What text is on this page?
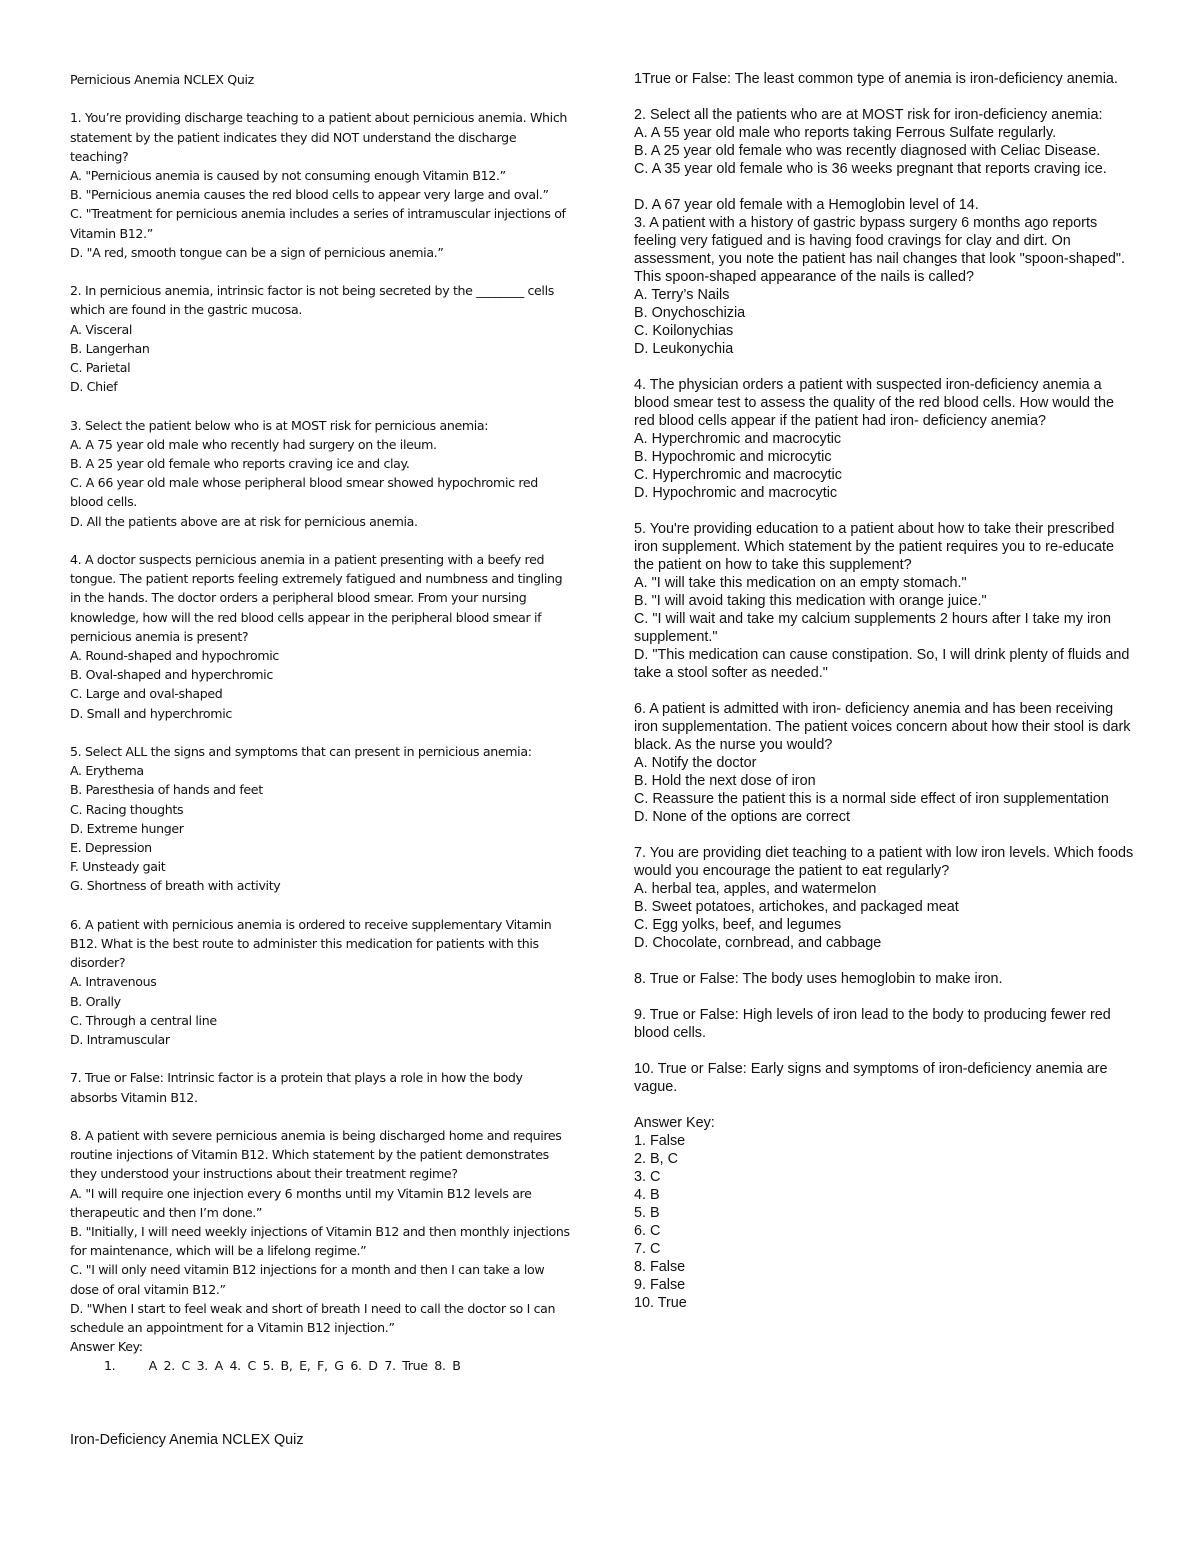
Pernicious Anemia NCLEX Quiz
1. You’re providing discharge teaching to a patient about pernicious anemia. Which statement by the patient indicates they did NOT understand the discharge teaching?
A. "Pernicious anemia is caused by not consuming enough Vitamin B12.”
B. "Pernicious anemia causes the red blood cells to appear very large and oval.”
C. "Treatment for pernicious anemia includes a series of intramuscular injections of Vitamin B12.”
D. "A red, smooth tongue can be a sign of pernicious anemia.”
2. In pernicious anemia, intrinsic factor is not being secreted by the ________ cells which are found in the gastric mucosa.
A. Visceral
B. Langerhan
C. Parietal
D. Chief
3. Select the patient below who is at MOST risk for pernicious anemia:
A. A 75 year old male who recently had surgery on the ileum.
B. A 25 year old female who reports craving ice and clay.
C. A 66 year old male whose peripheral blood smear showed hypochromic red blood cells.
D. All the patients above are at risk for pernicious anemia.
4. A doctor suspects pernicious anemia in a patient presenting with a beefy red tongue. The patient reports feeling extremely fatigued and numbness and tingling in the hands. The doctor orders a peripheral blood smear. From your nursing knowledge, how will the red blood cells appear in the peripheral blood smear if pernicious anemia is present?
A. Round-shaped and hypochromic
B. Oval-shaped and hyperchromic
C. Large and oval-shaped
D. Small and hyperchromic
5. Select ALL the signs and symptoms that can present in pernicious anemia:
A. Erythema
B. Paresthesia of hands and feet
C. Racing thoughts
D. Extreme hunger
E. Depression
F. Unsteady gait
G. Shortness of breath with activity
6. A patient with pernicious anemia is ordered to receive supplementary Vitamin B12. What is the best route to administer this medication for patients with this disorder?
A. Intravenous
B. Orally
C. Through a central line
D. Intramuscular
7. True or False: Intrinsic factor is a protein that plays a role in how the body absorbs Vitamin B12.
8. A patient with severe pernicious anemia is being discharged home and requires routine injections of Vitamin B12. Which statement by the patient demonstrates they understood your instructions about their treatment regime?
A. "I will require one injection every 6 months until my Vitamin B12 levels are therapeutic and then I’m done.”
B. "Initially, I will need weekly injections of Vitamin B12 and then monthly injections for maintenance, which will be a lifelong regime.”
C. "I will only need vitamin B12 injections for a month and then I can take a low dose of oral vitamin B12.”
D. "When I start to feel weak and short of breath I need to call the doctor so I can schedule an appointment for a Vitamin B12 injection.”
Answer Key:
1.	A 2. C 3. A 4. C 5. B, E, F, G 6. D 7. True 8. B
Iron-Deficiency Anemia NCLEX Quiz
1True or False: The least common type of anemia is iron-deficiency anemia.
2. Select all the patients who are at MOST risk for iron-deficiency anemia:
A. A 55 year old male who reports taking Ferrous Sulfate regularly.
B. A 25 year old female who was recently diagnosed with Celiac Disease.
C. A 35 year old female who is 36 weeks pregnant that reports craving ice.
D. A 67 year old female with a Hemoglobin level of 14.
3. A patient with a history of gastric bypass surgery 6 months ago reports feeling very fatigued and is having food cravings for clay and dirt. On assessment, you note the patient has nail changes that look "spoon-shaped". This spoon-shaped appearance of the nails is called?
A. Terry’s Nails
B. Onychoschizia
C. Koilonychias
D. Leukonychia
4. The physician orders a patient with suspected iron-deficiency anemia a blood smear test to assess the quality of the red blood cells. How would the red blood cells appear if the patient had iron- deficiency anemia?
A. Hyperchromic and macrocytic
B. Hypochromic and microcytic
C. Hyperchromic and macrocytic
D. Hypochromic and macrocytic
5. You're providing education to a patient about how to take their prescribed iron supplement. Which statement by the patient requires you to re-educate the patient on how to take this supplement?
A. "I will take this medication on an empty stomach."
B. "I will avoid taking this medication with orange juice."
C. "I will wait and take my calcium supplements 2 hours after I take my iron supplement."
D. "This medication can cause constipation. So, I will drink plenty of fluids and take a stool softer as needed."
6. A patient is admitted with iron- deficiency anemia and has been receiving iron supplementation. The patient voices concern about how their stool is dark black. As the nurse you would?
A. Notify the doctor
B. Hold the next dose of iron
C. Reassure the patient this is a normal side effect of iron supplementation
D. None of the options are correct
7. You are providing diet teaching to a patient with low iron levels. Which foods would you encourage the patient to eat regularly?
A. herbal tea, apples, and watermelon
B. Sweet potatoes, artichokes, and packaged meat
C. Egg yolks, beef, and legumes
D. Chocolate, cornbread, and cabbage
8. True or False: The body uses hemoglobin to make iron.
9. True or False: High levels of iron lead to the body to producing fewer red blood cells.
10. True or False: Early signs and symptoms of iron-deficiency anemia are vague.
Answer Key:
1. False
2. B, C
3. C
4. B
5. B
6. C
7. C
8. False
9. False
10. True
